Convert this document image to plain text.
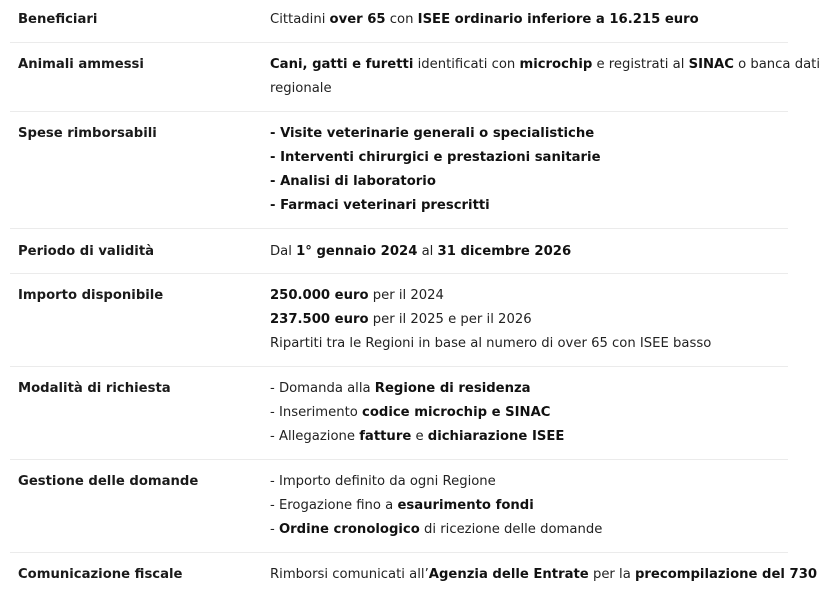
Beneficiari	Cittadini over 65 con ISEE ordinario inferiore a 16.215 euro
Animali ammessi	Cani, gatti e furetti identificati con microchip e registrati al SINAC o banca dati
regionale
Spese rimborsabili	- Visite veterinarie generali o specialistiche
- Interventi chirurgici e prestazioni sanitarie
- Analisi di laboratorio
- Farmaci veterinari prescritti
Periodo di validità	Dal 1° gennaio 2024 al 31 dicembre 2026
Importo disponibile	250.000 euro per il 2024
237.500 euro per il 2025 e per il 2026
Ripartiti tra le Regioni in base al numero di over 65 con ISEE basso
Modalità di richiesta	- Domanda alla Regione di residenza
- Inserimento codice microchip e SINAC
- Allegazione fatture e dichiarazione ISEE
Gestione delle domande	- Importo definito da ogni Regione
- Erogazione fino a esaurimento fondi
- Ordine cronologico di ricezione delle domande
Comunicazione fiscale	Rimborsi comunicati all’Agenzia delle Entrate per la precompilazione del 730
